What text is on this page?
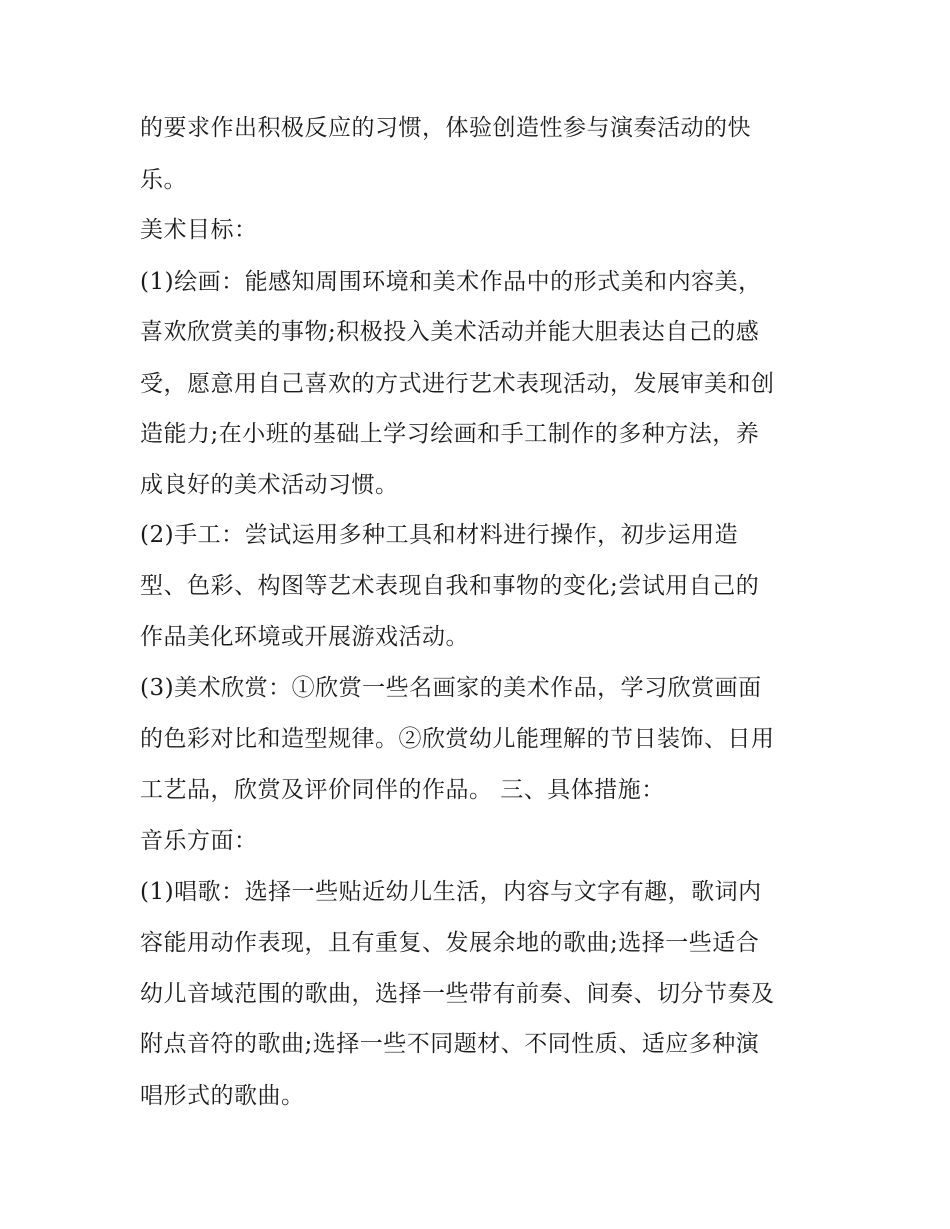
的要求作出积极反应的习惯，体验创造性参与演奏活动的快
乐。
美术目标：
(1)绘画：能感知周围环境和美术作品中的形式美和内容美，
喜欢欣赏美的事物;积极投入美术活动并能大胆表达自己的感
受，愿意用自己喜欢的方式进行艺术表现活动，发展审美和创
造能力;在小班的基础上学习绘画和手工制作的多种方法，养
成良好的美术活动习惯。
(2)手工：尝试运用多种工具和材料进行操作，初步运用造
型、色彩、构图等艺术表现自我和事物的变化;尝试用自己的
作品美化环境或开展游戏活动。
(3)美术欣赏：①欣赏一些名画家的美术作品，学习欣赏画面
的色彩对比和造型规律。②欣赏幼儿能理解的节日装饰、日用
工艺品，欣赏及评价同伴的作品。 三、具体措施：
音乐方面：
(1)唱歌：选择一些贴近幼儿生活，内容与文字有趣，歌词内
容能用动作表现，且有重复、发展余地的歌曲;选择一些适合
幼儿音域范围的歌曲，选择一些带有前奏、间奏、切分节奏及
附点音符的歌曲;选择一些不同题材、不同性质、适应多种演
唱形式的歌曲。
